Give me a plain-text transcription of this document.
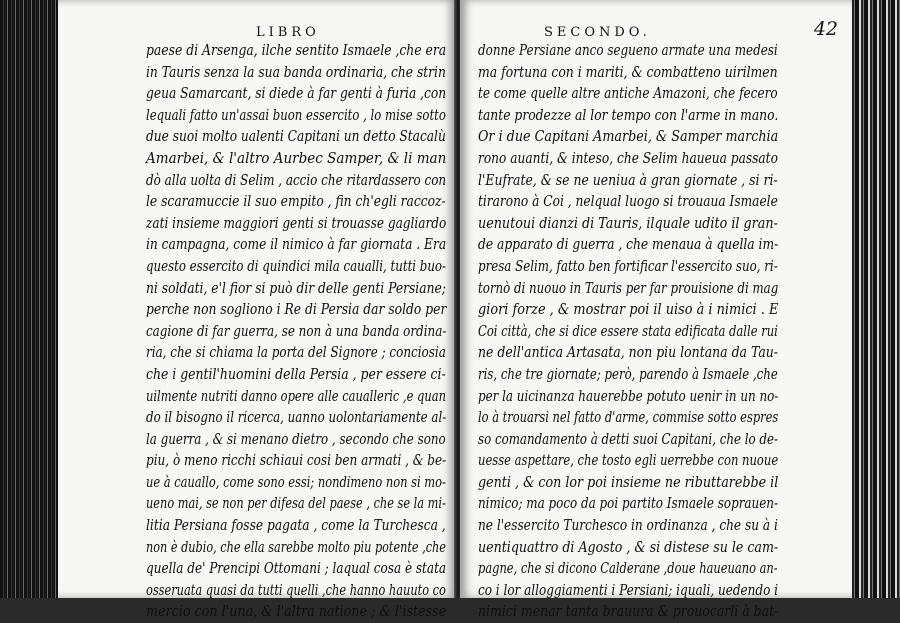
LIBRO
paese di Arsenga, ilche sentito Ismaele ,che era
in Tauris senza la sua banda ordinaria, che strin
geua Samarcant, si diede à far genti à furia ,con
lequali fatto un'assai buon essercito , lo mise sotto
due suoi molto ualenti Capitani un detto Stacalù
Amarbei, & l'altro Aurbec Samper, & li man
dò alla uolta di Selim , accio che ritardassero con
le scaramuccie il suo empito , fin ch'egli raccoz-
zati insieme maggiori genti si trouasse gagliardo
in campagna, come il nimico à far giornata . Era
questo essercito di quindici mila caualli, tutti buo-
ni soldati, e'l fior si può dir delle genti Persiane;
perche non sogliono i Re di Persia dar soldo per
cagione di far guerra, se non à una banda ordina-
ria, che si chiama la porta del Signore ; conciosia
che i gentil'huomini della Persia , per essere ci-
uilmente nutriti danno opere alle caualleric ,e quan
do il bisogno il ricerca, uanno uolontariamente al-
la guerra , & si menano dietro , secondo che sono
piu, ò meno ricchi schiaui cosi ben armati , & be-
ue à cauallo, come sono essi; nondimeno non si mo-
ueno mai, se non per difesa del paese , che se la mi-
litia Persiana fosse pagata , come la Turchesca ,
non è dubio, che ella sarebbe molto piu potente ,che
quella de' Prencipi Ottomani ; laqual cosa è stata
osseruata quasi da tutti quelli ,che hanno hauuto co
mercio con l'una, & l'altra natione ; & l'istesse
SECONDO.	42
donne Persiane anco seguenо armate una medesi
ma fortuna con i mariti, & combatteno uirilmen
te come quelle altre antiche Amazoni, che fecero
tante prodezze al lor tempo con l'arme in mano.
Or i due Capitani Amarbei, & Samper marchia
rono auanti, & inteso, che Selim haueua passato
l'Eufrate, & se ne ueniua à gran giornate , si ri-
tirarono à Coi , nelqual luogo si trouaua Ismaele
uenutoui dianzi di Tauris, ilquale udito il gran-
de apparato di guerra , che menaua à quella im-
presa Selim, fatto ben fortificar l'essercito suo, ri-
tornò di nuouo in Tauris per far prouisione di mag
giori forze , & mostrar poi il uiso à i nimici . E
Coi città, che si dice essere stata edificata dalle rui
ne dell'antica Artasata, non piu lontana da Tau-
ris, che tre giornate; però, parendo à Ismaele ,che
per la uicinanza hauerebbe potuto uenir in un no-
lo à trouarsi nel fatto d'arme, commise sotto espres
so comandamento à detti suoi Capitani, che lo de-
uesse aspettare, che tosto egli uerrebbe con nuoue
genti , & con lor poi insieme ne ributtarebbe il
nimico; ma poco da poi partito Ismaele soprauen-
ne l'essercito Turchesco in ordinanza , che su à i
uentiquattro di Agosto , & si distese su le cam-
pagne, che si dicono Calderane ,doue haueuano an-
co i lor alloggiamenti i Persiani; iquali, uedendo i
nimici menar tanta brauura & prouocarli à bat-
